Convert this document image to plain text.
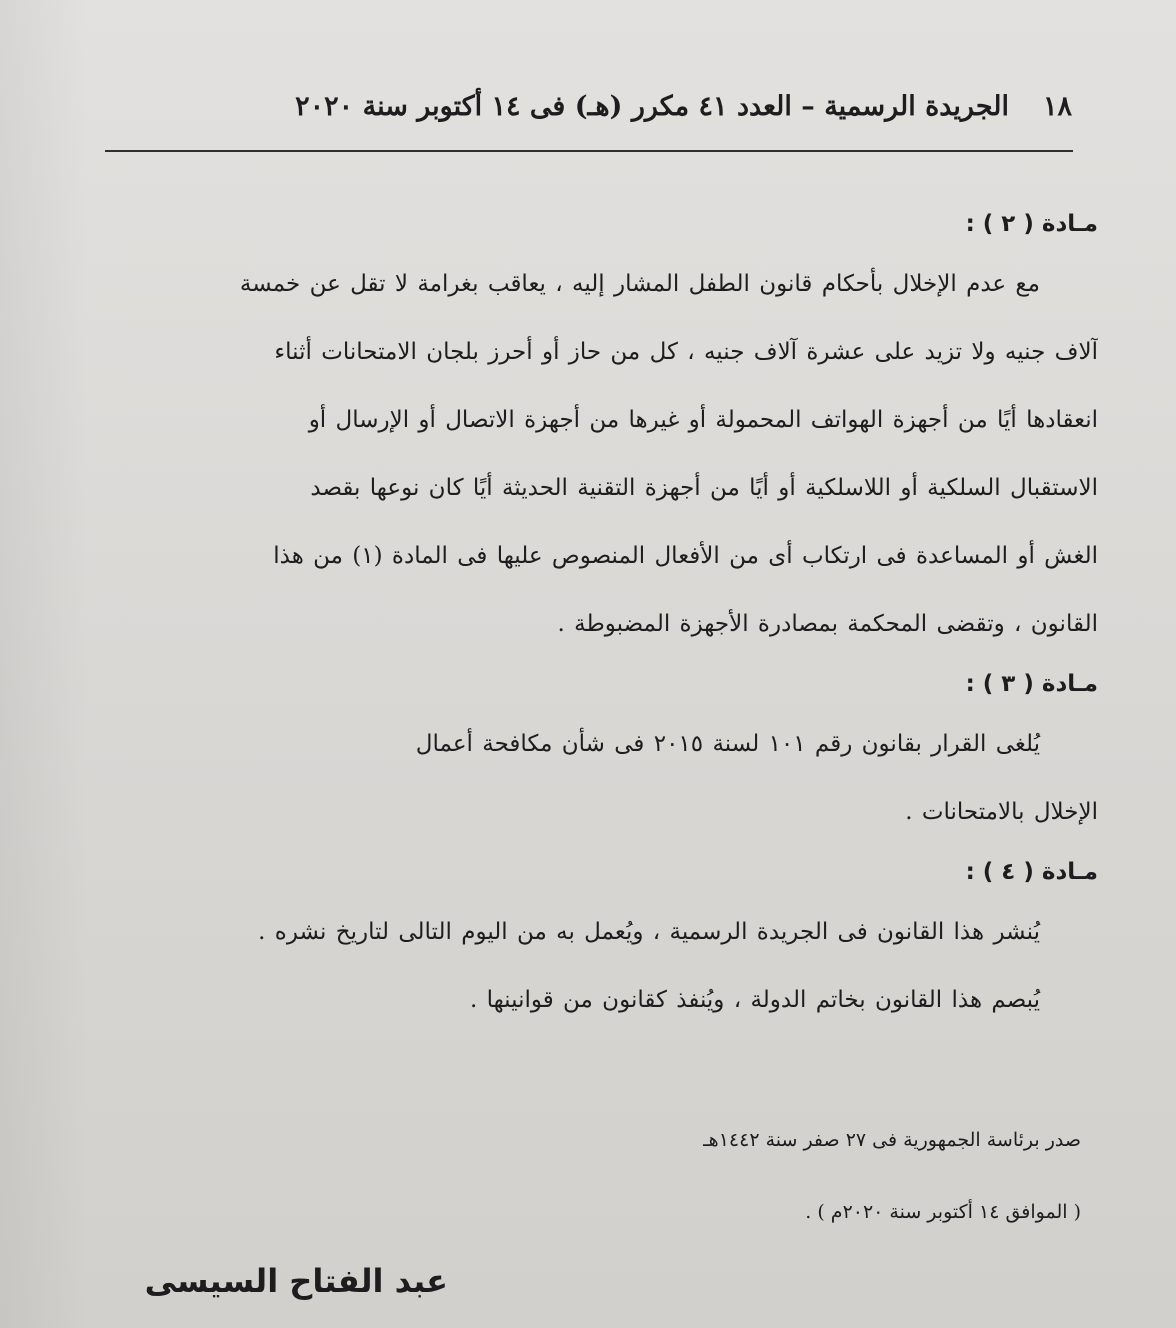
١٨
الجريدة الرسمية – العدد ٤١ مكرر (هـ) فى ١٤ أكتوبر سنة ٢٠٢٠
مـادة ( ٢ ) :
مع عدم الإخلال بأحكام قانون الطفل المشار إليه ، يعاقب بغرامة لا تقل عن خمسة
آلاف جنيه ولا تزيد على عشرة آلاف جنيه ، كل من حاز أو أحرز بلجان الامتحانات أثناء
انعقادها أيًا من أجهزة الهواتف المحمولة أو غيرها من أجهزة الاتصال أو الإرسال أو
الاستقبال السلكية أو اللاسلكية أو أيًا من أجهزة التقنية الحديثة أيًا كان نوعها بقصد
الغش أو المساعدة فى ارتكاب أى من الأفعال المنصوص عليها فى المادة (١) من هذا
القانون ، وتقضى المحكمة بمصادرة الأجهزة المضبوطة .
مـادة ( ٣ ) :
يُلغى القرار بقانون رقم ١٠١ لسنة ٢٠١٥ فى شأن مكافحة أعمال
الإخلال بالامتحانات .
مـادة ( ٤ ) :
يُنشر هذا القانون فى الجريدة الرسمية ، ويُعمل به من اليوم التالى لتاريخ نشره .
يُبصم هذا القانون بخاتم الدولة ، ويُنفذ كقانون من قوانينها .
صدر برئاسة الجمهورية فى ٢٧ صفر سنة ١٤٤٢هـ
( الموافق ١٤ أكتوبر سنة ٢٠٢٠م ) .
عبد الفتاح السيسى
